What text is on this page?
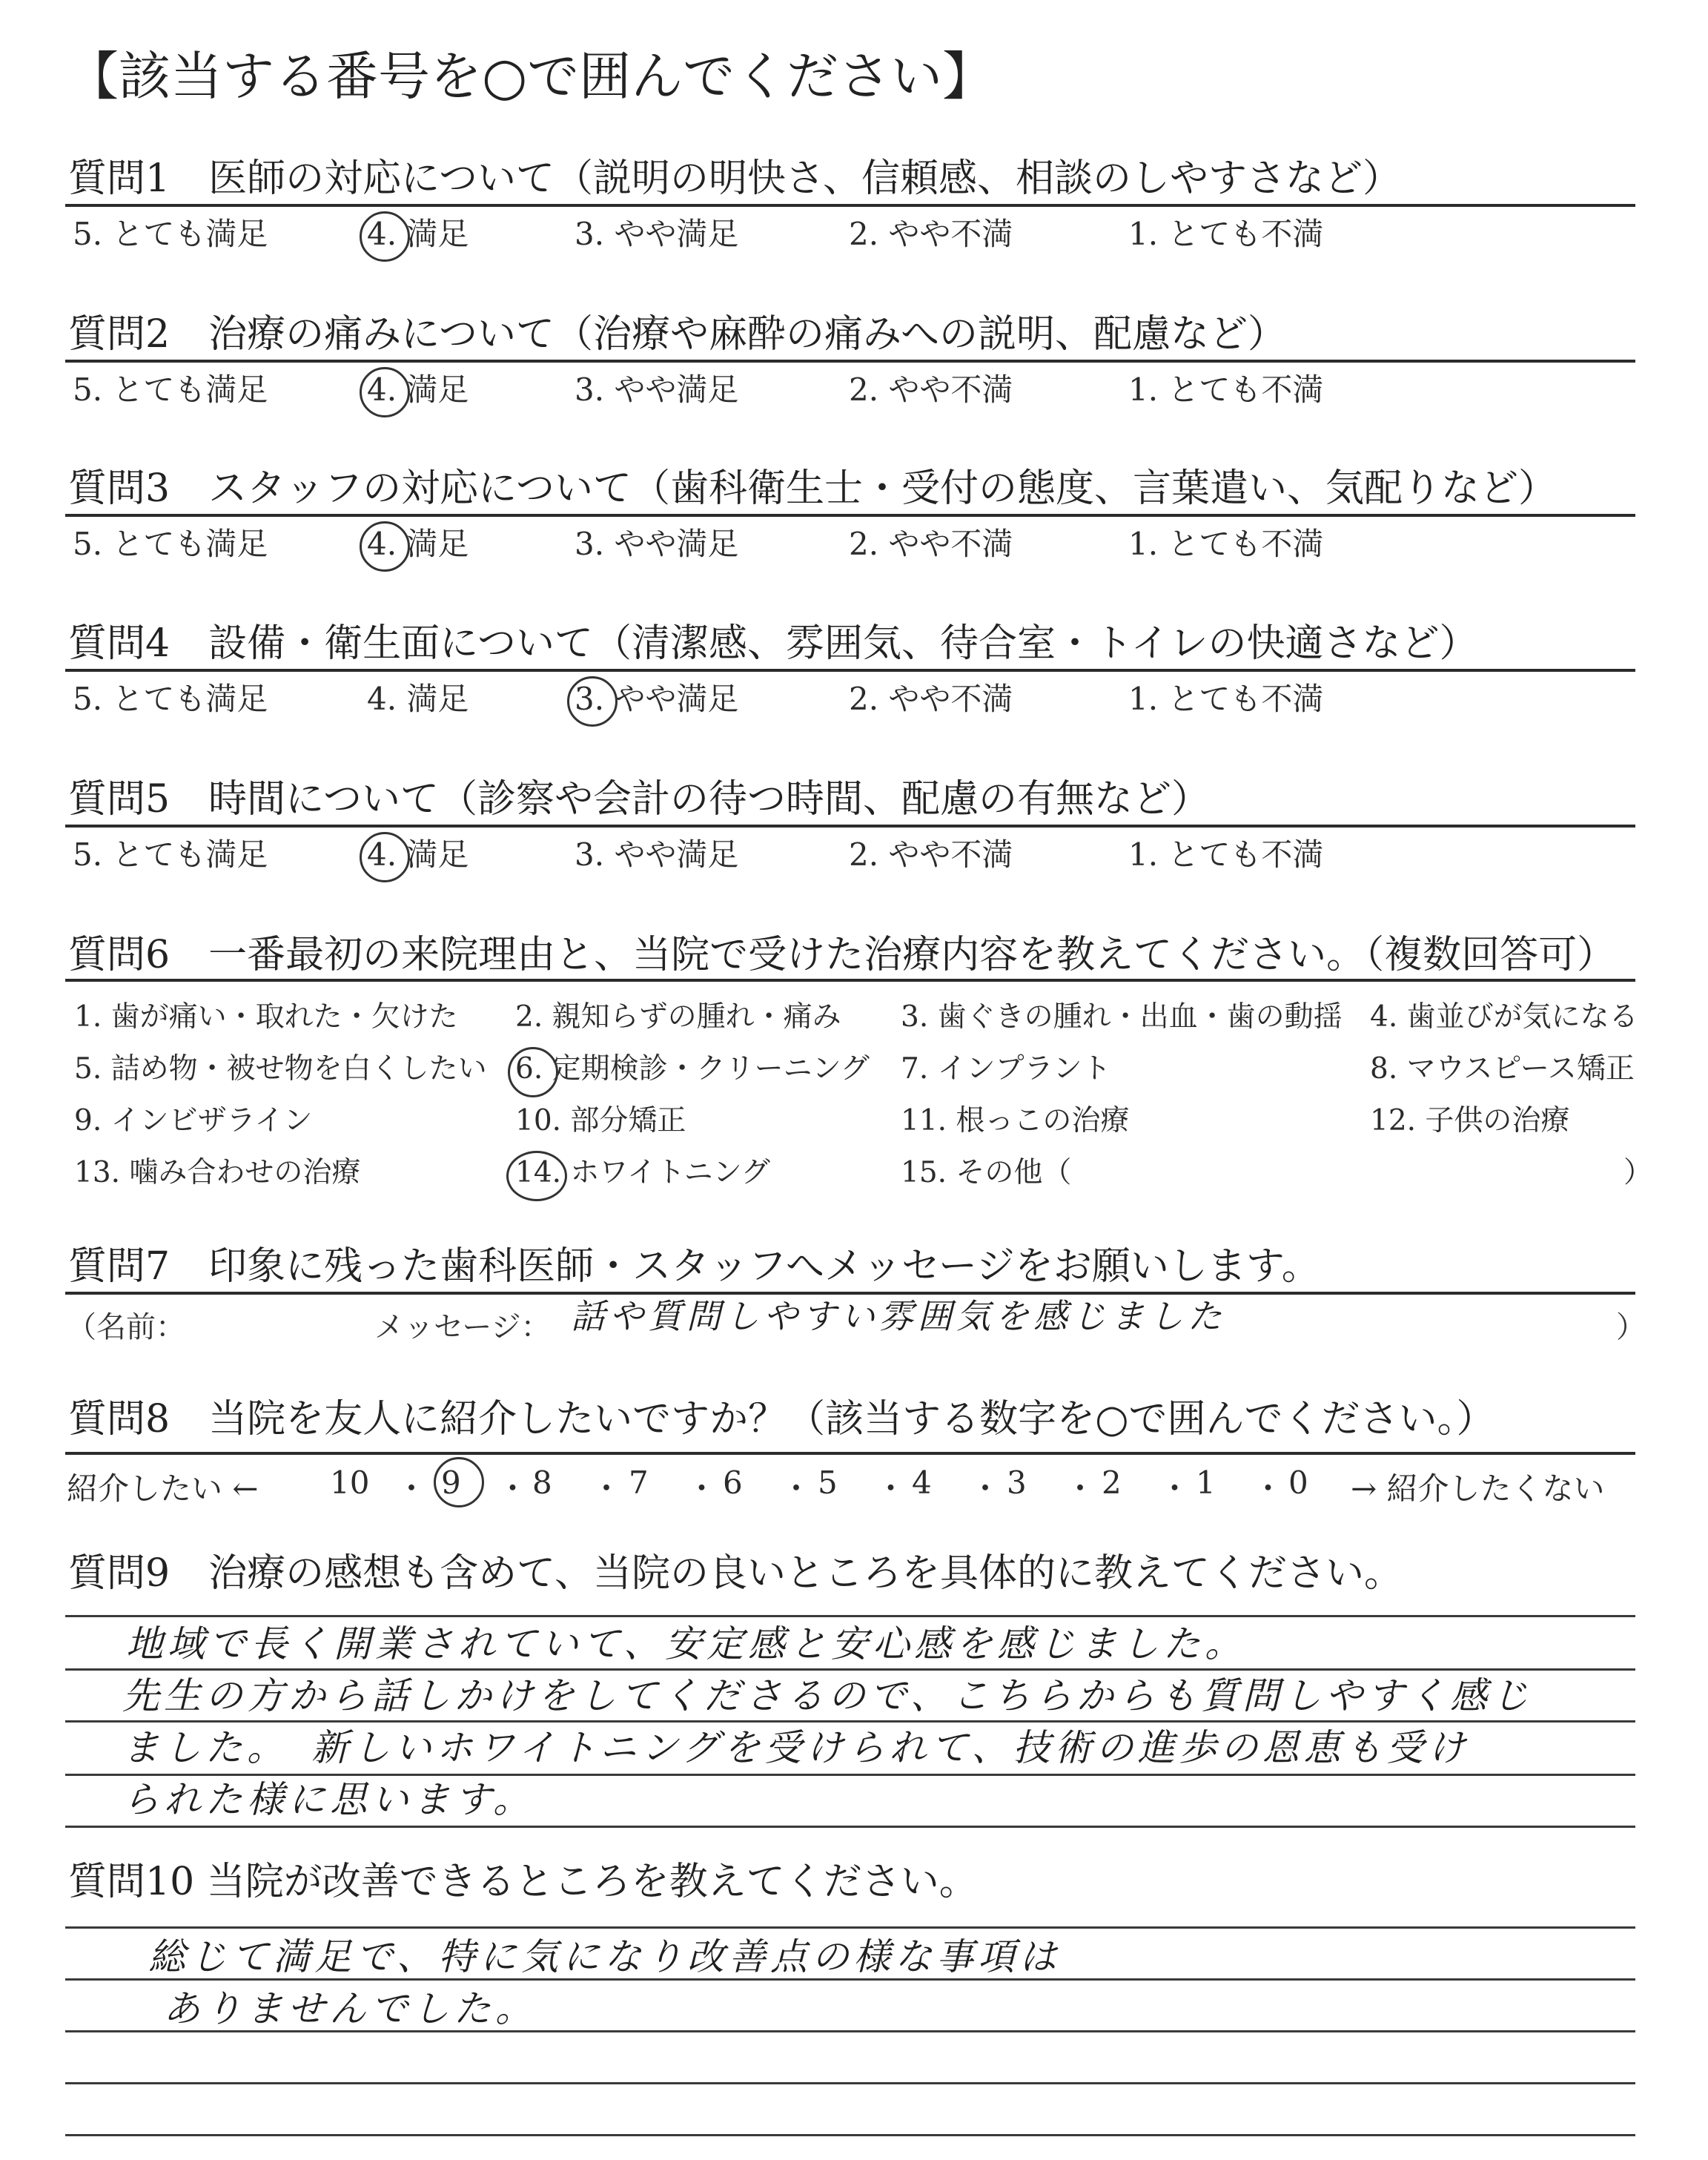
【該当する番号を○で囲んでください】
質問1　医師の対応について（説明の明快さ、信頼感、相談のしやすさなど）
5. とても満足	4. 満足	3. やや満足	2. やや不満	1. とても不満
質問2　治療の痛みについて（治療や麻酔の痛みへの説明、配慮など）
5. とても満足	4. 満足	3. やや満足	2. やや不満	1. とても不満
質問3　スタッフの対応について（歯科衛生士・受付の態度、言葉遣い、気配りなど）
5. とても満足	4. 満足	3. やや満足	2. やや不満	1. とても不満
質問4　設備・衛生面について（清潔感、雰囲気、待合室・トイレの快適さなど）
5. とても満足	4. 満足	3. やや満足	2. やや不満	1. とても不満
質問5　時間について（診察や会計の待つ時間、配慮の有無など）
5. とても満足	4. 満足	3. やや満足	2. やや不満	1. とても不満
質問6　一番最初の来院理由と、当院で受けた治療内容を教えてください。（複数回答可）
1. 歯が痛い・取れた・欠けた 2. 親知らずの腫れ・痛み 3. 歯ぐきの腫れ・出血・歯の動揺 4. 歯並びが気になる
5. 詰め物・被せ物を白くしたい 6. 定期検診・クリーニング 7. インプラント	8. マウスピース矯正
9. インビザライン	10. 部分矯正	11. 根っこの治療	12. 子供の治療
13. 噛み合わせの治療	14. ホワイトニング	15. その他（	）
質問7　印象に残った歯科医師・スタッフへメッセージをお願いします。
（名前：	メッセージ： 話や質問しやすい雰囲気を感じました	）
質問8　当院を友人に紹介したいですか？（該当する数字を○で囲んでください。）
紹介したい ←	→ 紹介したくない
10 ・ 9 ・ 8 ・ 7 ・ 6 ・ 5 ・ 4 ・ 3 ・ 2 ・ 1 ・ 0
質問9　治療の感想も含めて、当院の良いところを具体的に教えてください。
地域で長く開業されていて、安定感と安心感を感じました。
先生の方から話しかけをしてくださるので、こちらからも質問しやすく感じ
ました。　新しいホワイトニングを受けられて、技術の進歩の恩恵も受け
られた様に思います。
質問10 当院が改善できるところを教えてください。
総じて満足で、特に気になり改善点の様な事項は
ありませんでした。
